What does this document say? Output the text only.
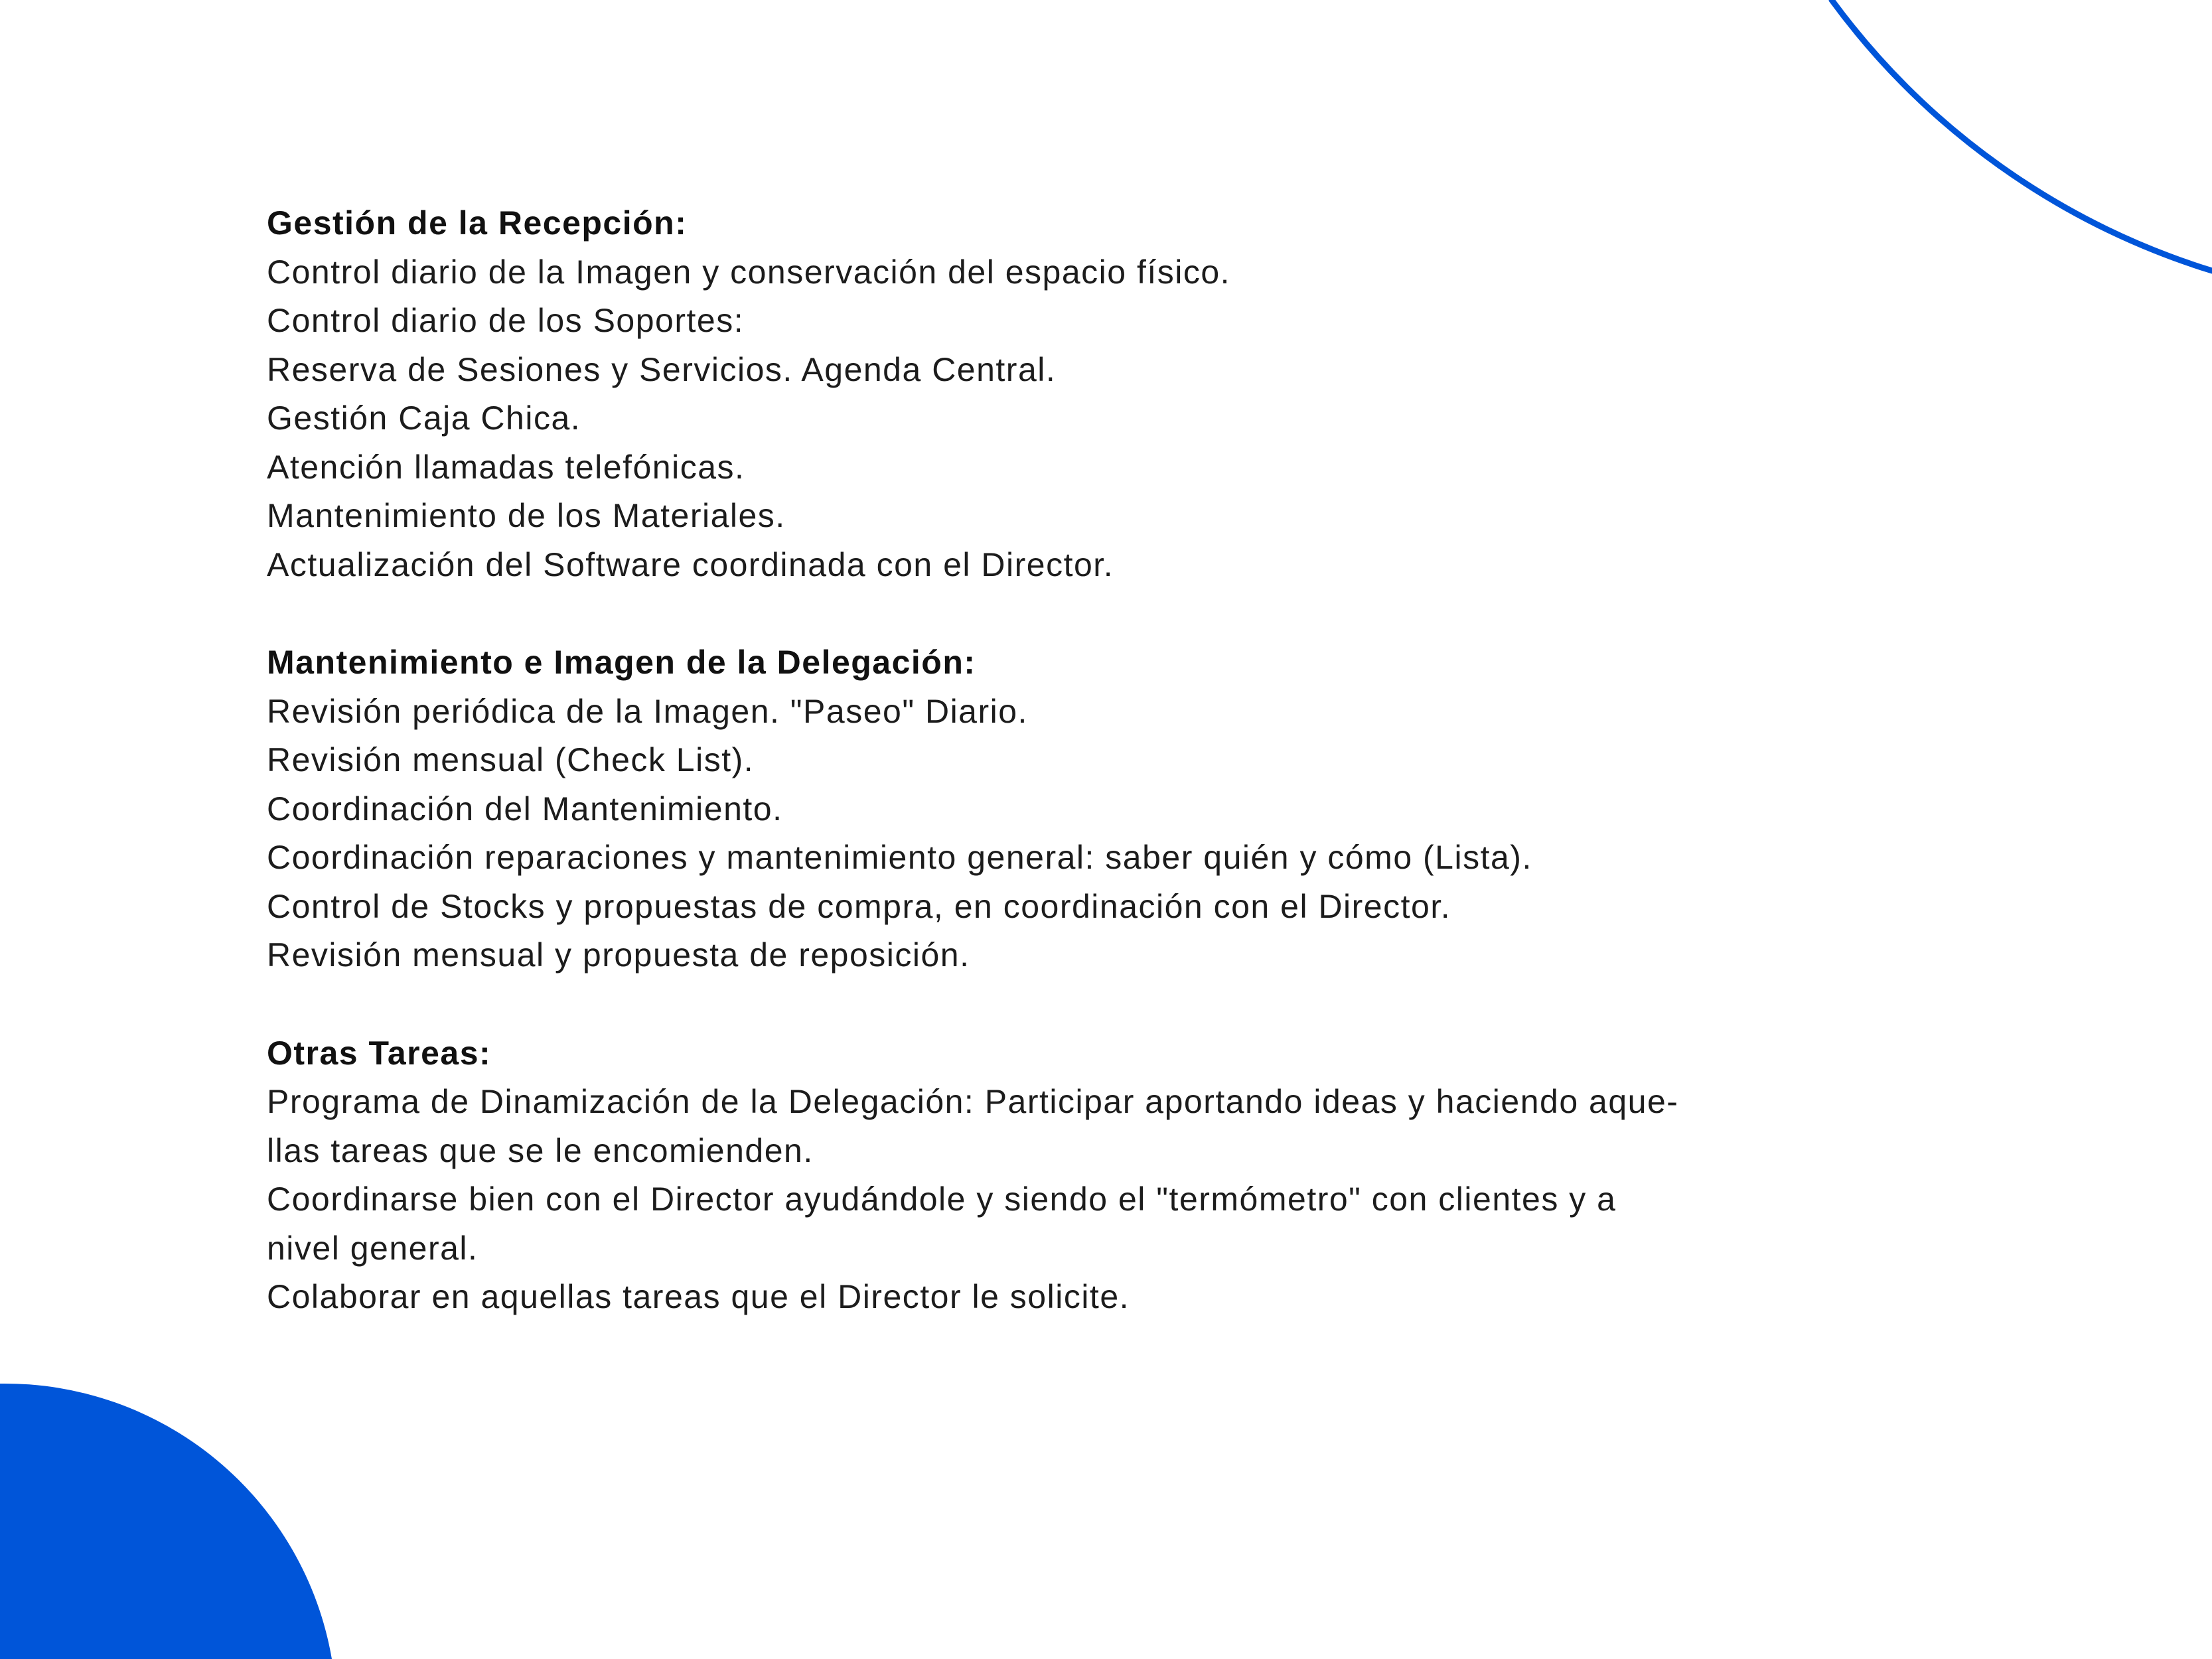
Gestión de la Recepción:

Control diario de la Imagen y conservación del espacio físico.

Control diario de los Soportes:

Reserva de Sesiones y Servicios. Agenda Central.

Gestión Caja Chica.

Atención llamadas telefónicas.

Mantenimiento de los Materiales.

Actualización del Software coordinada con el Director.

Mantenimiento e Imagen de la Delegación:

Revisión periódica de la Imagen. "Paseo" Diario.

Revisión mensual (Check List).

Coordinación del Mantenimiento.

Coordinación reparaciones y mantenimiento general: saber quién y cómo (Lista).

Control de Stocks y propuestas de compra, en coordinación con el Director.

Revisión mensual y propuesta de reposición.

Otras Tareas:

Programa de Dinamización de la Delegación: Participar aportando ideas y haciendo aque-

llas tareas que se le encomienden.

Coordinarse bien con el Director ayudándole y siendo el "termómetro" con clientes y a

nivel general.

Colaborar en aquellas tareas que el Director le solicite.
